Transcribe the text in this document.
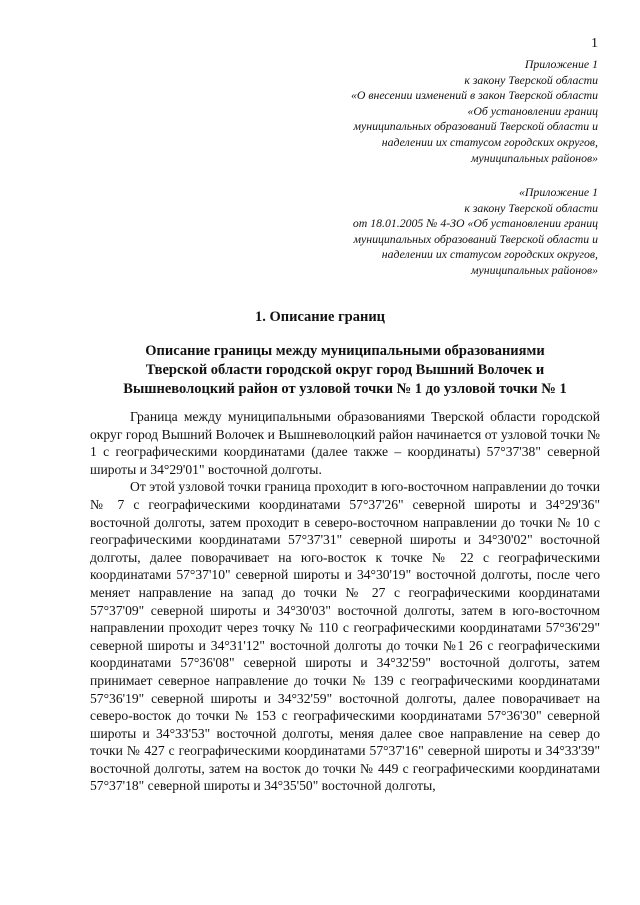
1
Приложение 1
к закону Тверской области
«О внесении изменений в закон Тверской области
«Об установлении границ
муниципальных образований Тверской области и
наделении их статусом городских округов,
муниципальных районов»
«Приложение 1
к закону Тверской области
от 18.01.2005 № 4-ЗО «Об установлении границ
муниципальных образований Тверской области и
наделении их статусом городских округов,
муниципальных районов»
1. Описание границ
Описание границы между муниципальными образованиями
Тверской области городской округ город Вышний Волочек и
Вышневолоцкий район от узловой точки № 1 до узловой точки № 1

Граница между муниципальными образованиями Тверской области городской округ город Вышний Волочек и Вышневолоцкий район начинается от узловой точки № 1 с географическими координатами (далее также – координаты) 57°37'38" северной широты и 34°29'01" восточной долготы.

От этой узловой точки граница проходит в юго-восточном направлении до точки № 7 с географическими координатами 57°37'26" северной широты и 34°29'36" восточной долготы, затем проходит в северо-восточном направлении до точки № 10 с географическими координатами 57°37'31" северной широты и 34°30'02" восточной долготы, далее поворачивает на юго-восток к точке № 22 с географическими координатами 57°37'10" северной широты и 34°30'19" восточной долготы, после чего меняет направление на запад до точки № 27 с географическими координатами 57°37'09" северной широты и 34°30'03" восточной долготы, затем в юго-восточном направлении проходит через точку № 110 с географическими координатами 57°36'29" северной широты и 34°31'12" восточной долготы до точки №1 26 с географическими координатами 57°36'08" северной широты и 34°32'59" восточной долготы, затем принимает северное направление до точки № 139 с географическими координатами 57°36'19" северной широты и 34°32'59" восточной долготы, далее поворачивает на северо-восток до точки № 153 с географическими координатами 57°36'30" северной широты и 34°33'53" восточной долготы, меняя далее свое направление на север до точки № 427 с географическими координатами 57°37'16" северной широты и 34°33'39" восточной долготы, затем на восток до точки № 449 с географическими координатами 57°37'18" северной широты и 34°35'50" восточной долготы,
